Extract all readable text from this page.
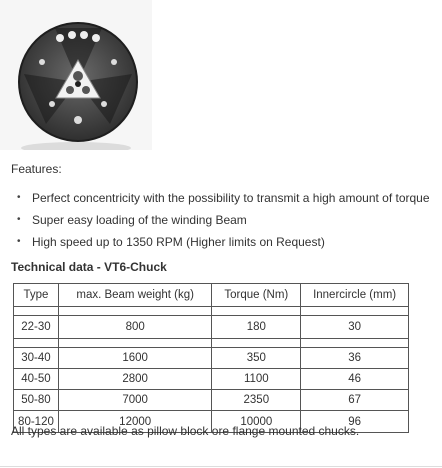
Features:
• Perfect concentricity with the possibility to transmit a high amount of torque
• Super easy loading of the winding Beam
• High speed up to 1350 RPM (Higher limits on Request)
Technical data - VT6-Chuck
Type	max. Beam weight (kg)	Torque (Nm)	Innercircle (mm)

22-30	800	180	30

30-40	1600	350	36
40-50	2800	1100	46
50-80	7000	2350	67
80-120	12000	10000	96
All types are available as pillow block ore flange mounted chucks.
